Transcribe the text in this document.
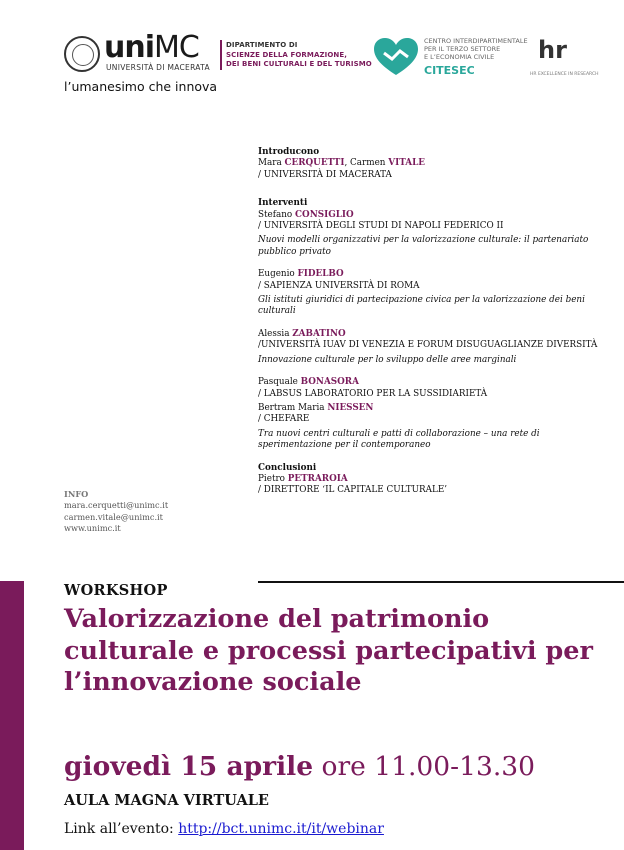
uniMC
UNIVERSITÀ DI MACERATA
l’umanesimo che innova
DIPARTIMENTO DI
SCIENZE DELLA FORMAZIONE,
DEI BENI CULTURALI E DEL TURISMO
CENTRO INTERDIPARTIMENTALE
PER IL TERZO SETTORE
E L’ECONOMIA CIVILE
CITESEC
hr
HR EXCELLENCE IN RESEARCH
Introducono
Mara CERQUETTI, Carmen VITALE
/ UNIVERSITÀ DI MACERATA
Interventi
Stefano CONSIGLIO
/ UNIVERSITÀ DEGLI STUDI DI NAPOLI FEDERICO II
Nuovi modelli organizzativi per la valorizzazione culturale: il partenariato pubblico privato
Eugenio FIDELBO
/ SAPIENZA UNIVERSITÀ DI ROMA
Gli istituti giuridici di partecipazione civica per la valorizzazione dei beni culturali
Alessia ZABATINO
/UNIVERSITÀ IUAV DI VENEZIA E FORUM DISUGUAGLIANZE DIVERSITÀ
Innovazione culturale per lo sviluppo delle aree marginali
Pasquale BONASORA
/ LABSUS LABORATORIO PER LA SUSSIDIARIETÀ
Bertram Maria NIESSEN
/ CHEFARE
Tra nuovi centri culturali e patti di collaborazione – una rete di sperimentazione per il contemporaneo
Conclusioni
Pietro PETRAROIA
/ DIRETTORE ‘IL CAPITALE CULTURALE’
INFO
mara.cerquetti@unimc.it
carmen.vitale@unimc.it
www.unimc.it
WORKSHOP
Valorizzazione del patrimonio culturale e processi partecipativi per l’innovazione sociale
giovedì 15 aprile ore 11.00-13.30
AULA MAGNA VIRTUALE
Link all’evento: http://bct.unimc.it/it/webinar
